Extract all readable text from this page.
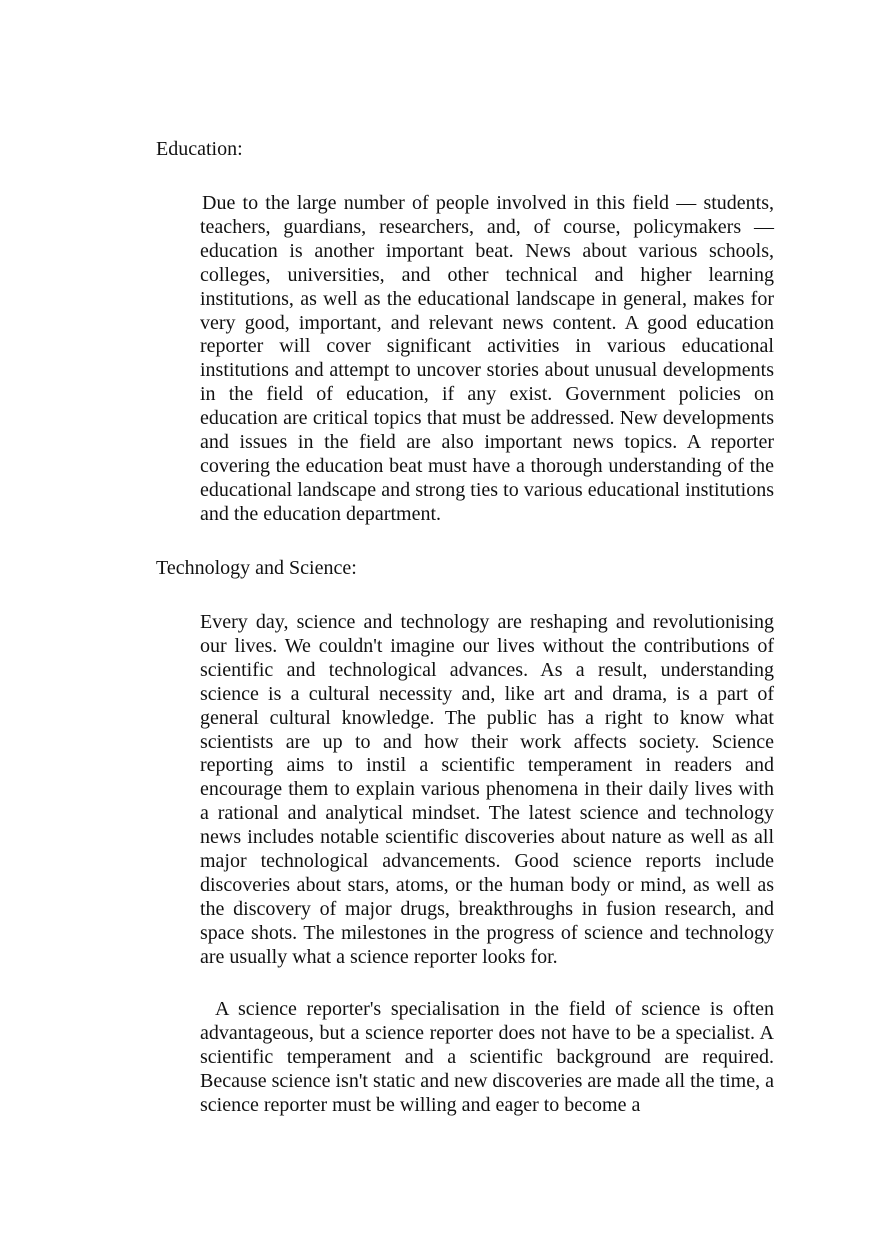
Education:

Due to the large number of people involved in this field — students, teachers, guardians, researchers, and, of course, policymakers — education is another important beat. News about various schools, colleges, universities, and other technical and higher learning institutions, as well as the educational landscape in general, makes for very good, important, and relevant news content. A good education reporter will cover significant activities in various educational institutions and attempt to uncover stories about unusual developments in the field of education, if any exist. Government policies on education are critical topics that must be addressed. New developments and issues in the field are also important news topics. A reporter covering the education beat must have a thorough understanding of the educational landscape and strong ties to various educational institutions and the education department.

Technology and Science:

Every day, science and technology are reshaping and revolutionising our lives. We couldn't imagine our lives without the contributions of scientific and technological advances. As a result, understanding science is a cultural necessity and, like art and drama, is a part of general cultural knowledge. The public has a right to know what scientists are up to and how their work affects society. Science reporting aims to instil a scientific temperament in readers and encourage them to explain various phenomena in their daily lives with a rational and analytical mindset. The latest science and technology news includes notable scientific discoveries about nature as well as all major technological advancements. Good science reports include discoveries about stars, atoms, or the human body or mind, as well as the discovery of major drugs, breakthroughs in fusion research, and space shots. The milestones in the progress of science and technology are usually what a science reporter looks for.

A science reporter's specialisation in the field of science is often advantageous, but a science reporter does not have to be a specialist. A scientific temperament and a scientific background are required. Because science isn't static and new discoveries are made all the time, a science reporter must be willing and eager to become a
